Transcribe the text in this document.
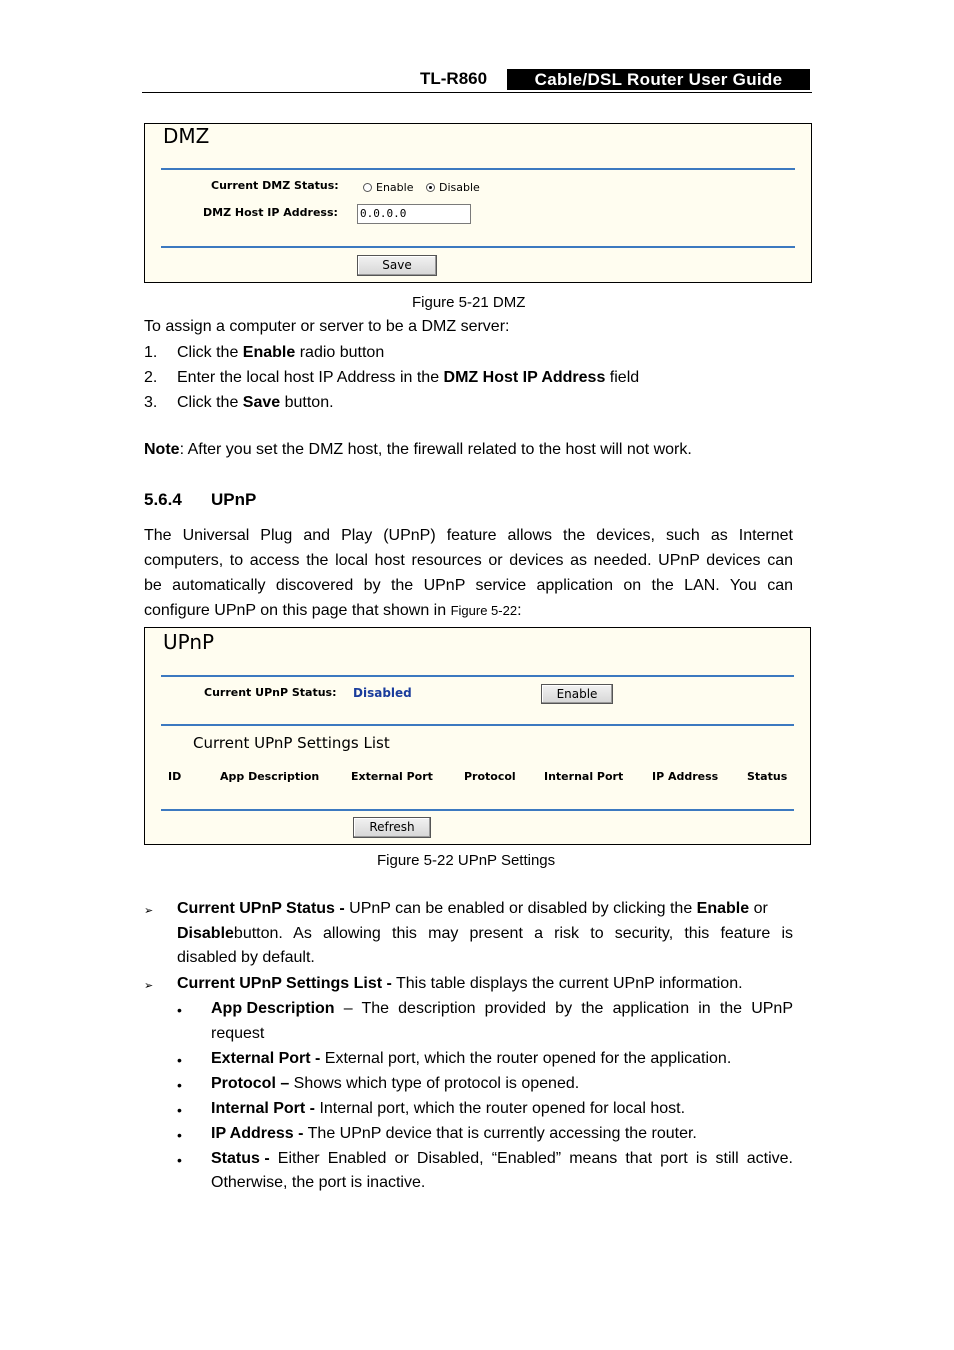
TL-R860	Cable/DSL Router User Guide
DMZ
Current DMZ Status:	Enable Disable
DMZ Host IP Address: 0.0.0.0
Save
Figure 5-21 DMZ
To assign a computer or server to be a DMZ server:
1. Click the Enable radio button
2. Enter the local host IP Address in the DMZ Host IP Address field
3. Click the Save button.
Note: After you set the DMZ host, the firewall related to the host will not work.
5.6.4 UPnP
The Universal Plug and Play (UPnP) feature allows the devices, such as Internet
computers, to access the local host resources or devices as needed. UPnP devices can
be automatically discovered by the UPnP service application on the LAN. You can
configure UPnP on this page that shown in Figure 5-22:
UPnP
Current UPnP Status: Disabled	Enable
Current UPnP Settings List
ID	App Description	External Port	Protocol	Internal Port	IP Address	Status
Refresh
Figure 5-22 UPnP Settings
➢ Current UPnP Status - UPnP can be enabled or disabled by clicking the Enable or
Disable button. As allowing this may present a risk to security, this feature is
disabled by default.
➢ Current UPnP Settings List - This table displays the current UPnP information.
• App Description – The description provided by the application in the UPnP
request
• External Port - External port, which the router opened for the application.
• Protocol – Shows which type of protocol is opened.
• Internal Port - Internal port, which the router opened for local host.
• IP Address - The UPnP device that is currently accessing the router.
• Status - Either Enabled or Disabled, “Enabled” means that port is still active.
Otherwise, the port is inactive.
